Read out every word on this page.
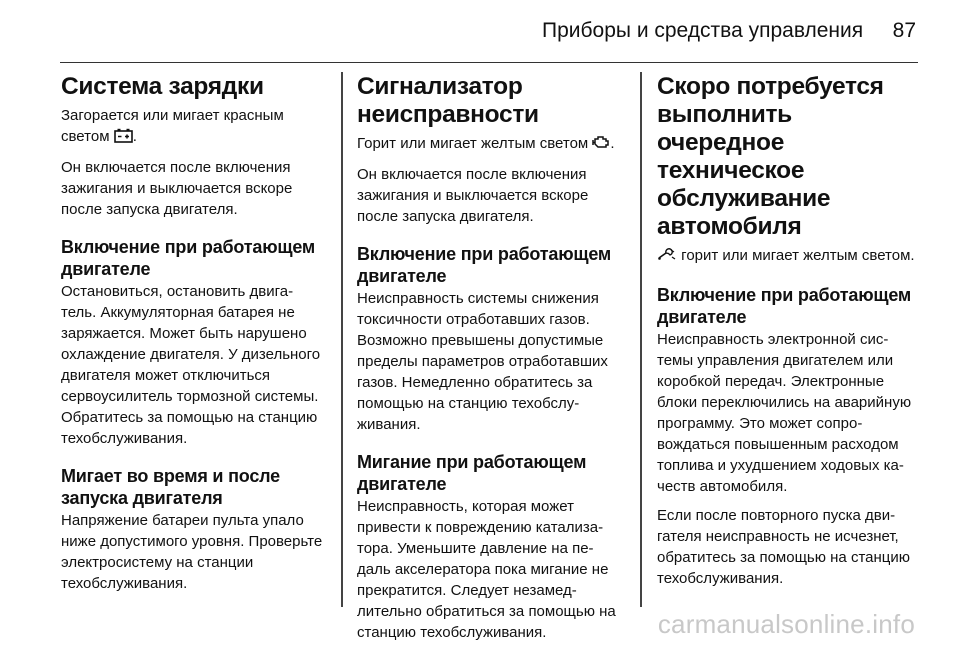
Приборы и средства управления 87
Система зарядки

Загорается или мигает красным светом .

Он включается после включения зажигания и выключается вскоре после запуска двигателя.

Включение при работающем двигателе

Остановиться, остановить двигатель. Аккумуляторная батарея не заряжается. Может быть нарушено охлаждение двигателя. У дизельного двигателя может отключиться сервоусилитель тормозной системы. Обратитесь за помощью на станцию техобслуживания.

Мигает во время и после запуска двигателя

Напряжение батареи пульта упало ниже допустимого уровня. Проверьте электросистему на станции техобслуживания.

Сигнализатор неисправности

Горит или мигает желтым светом .

Он включается после включения зажигания и выключается вскоре после запуска двигателя.

Включение при работающем двигателе

Неисправность системы снижения токсичности отработавших газов. Возможно превышены допустимые пределы параметров отработавших газов. Немедленно обратитесь за помощью на станцию техобслуживания.

Мигание при работающем двигателе

Неисправность, которая может привести к повреждению катализатора. Уменьшите давление на педаль акселератора пока мигание не прекратится. Следует незамедлительно обратиться за помощью на станцию техобслуживания.

Скоро потребуется выполнить очередное техническое обслуживание автомобиля

горит или мигает желтым светом.

Включение при работающем двигателе

Неисправность электронной системы управления двигателем или коробкой передач. Электронные блоки переключились на аварийную программу. Это может сопровождаться повышенным расходом топлива и ухудшением ходовых качеств автомобиля.

Если после повторного пуска двигателя неисправность не исчезнет, обратитесь за помощью на станцию техобслуживания.

carmanualsonline.info
